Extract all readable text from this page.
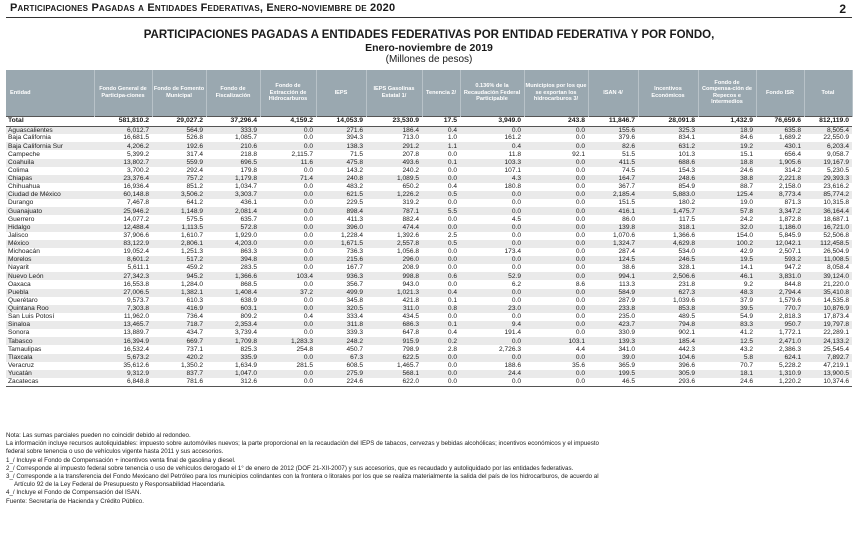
Participaciones Pagadas a Entidades Federativas, Enero-noviembre de 2020	2
PARTICIPACIONES PAGADAS A ENTIDADES FEDERATIVAS POR ENTIDAD FEDERATIVA Y POR FONDO,
Enero-noviembre de 2019
(Millones de pesos)
Entidad	Fondo General de Participa-ciones	Fondo de Fomento Municipal	Fondo de Fiscalización	Fondo de Extracción de Hidrocarburos	IEPS	IEPS Gasolinas Estatal 1/	Tenencia 2/	0.136% de la Recaudación Federal Participable	Municipios por los que se exportan los hidrocarburos 3/	ISAN 4/	Incentivos Económicos	Fondo de Compensa-ción de Repecos e Intermedios	Fondo ISR	Total
Total	581,810.2	29,027.2	37,296.4	4,159.2	14,053.9	23,530.9	17.5	3,949.0	243.8	11,846.7	28,091.8	1,432.9	76,659.6	812,119.0
Aguascalientes	6,012.7	564.9	333.9	0.0	271.6	186.4	0.4	0.0	0.0	155.6	325.3	18.9	635.8	8,505.4
Baja California	16,681.5	526.8	1,085.7	0.0	394.3	713.0	1.0	161.2	0.0	379.6	834.1	84.6	1,689.2	22,550.9
Baja California Sur	4,206.2	192.6	210.6	0.0	138.3	291.2	1.1	0.4	0.0	82.6	631.2	19.2	430.1	6,203.4
Campeche	5,399.2	317.4	218.8	2,115.7	71.5	207.8	0.0	11.8	92.1	51.5	101.3	15.1	656.4	9,058.7
Coahuila	13,802.7	559.9	696.5	11.6	475.8	493.6	0.1	103.3	0.0	411.5	688.6	18.8	1,905.6	19,167.9
Colima	3,700.2	292.4	179.8	0.0	143.2	240.2	0.0	107.1	0.0	74.5	154.3	24.6	314.2	5,230.5
Chiapas	23,376.4	757.2	1,179.8	71.4	240.8	1,089.5	0.0	4.3	0.0	164.7	248.6	38.8	2,221.8	29,393.3
Chihuahua	16,936.4	851.2	1,034.7	0.0	483.2	650.2	0.4	180.8	0.0	367.7	854.9	88.7	2,158.0	23,616.2
Ciudad de México	60,148.8	3,506.2	3,303.7	0.0	621.5	1,226.2	0.5	0.0	0.0	2,185.4	5,883.0	125.4	8,773.4	85,774.2
Durango	7,467.8	641.2	436.1	0.0	229.5	319.2	0.0	0.0	0.0	151.5	180.2	19.0	871.3	10,315.8
Guanajuato	25,946.2	1,148.9	2,081.4	0.0	898.4	787.1	5.5	0.0	0.0	416.1	1,475.7	57.8	3,347.2	36,164.4
Guerrero	14,077.2	575.5	635.7	0.0	411.3	882.4	0.0	4.5	0.0	86.0	117.5	24.2	1,872.8	18,687.1
Hidalgo	12,488.4	1,113.5	572.8	0.0	396.0	474.4	0.0	0.0	0.0	139.8	318.1	32.0	1,186.0	16,721.0
Jalisco	37,906.6	1,610.7	1,929.0	0.0	1,228.4	1,392.6	2.5	0.0	0.0	1,070.6	1,366.6	154.0	5,845.9	52,506.8
México	83,122.9	2,806.1	4,203.0	0.0	1,671.5	2,557.8	0.5	0.0	0.0	1,324.7	4,629.8	100.2	12,042.1	112,458.5
Michoacán	19,052.4	1,251.3	863.3	0.0	736.3	1,056.8	0.0	173.4	0.0	287.4	534.0	42.9	2,507.1	26,504.9
Morelos	8,601.2	517.2	394.8	0.0	215.6	296.0	0.0	0.0	0.0	124.5	246.5	19.5	593.2	11,008.5
Nayarit	5,611.1	459.2	283.5	0.0	167.7	208.9	0.0	0.0	0.0	38.6	328.1	14.1	947.2	8,058.4
Nuevo León	27,342.3	945.2	1,366.6	103.4	936.3	998.8	0.6	52.9	0.0	994.1	2,506.6	46.1	3,831.0	39,124.0
Oaxaca	16,553.8	1,284.0	868.5	0.0	356.7	943.0	0.0	6.2	8.6	113.3	231.8	9.2	844.8	21,220.0
Puebla	27,006.5	1,382.1	1,408.4	37.2	499.9	1,021.3	0.4	0.0	0.0	584.9	627.3	48.3	2,794.4	35,410.8
Querétaro	9,573.7	610.3	638.9	0.0	345.8	421.8	0.1	0.0	0.0	287.9	1,039.6	37.9	1,579.6	14,535.8
Quintana Roo	7,303.8	416.9	603.1	0.0	320.5	311.0	0.8	23.0	0.0	233.8	853.8	39.5	770.7	10,876.9
San Luis Potosí	11,962.0	736.4	809.2	0.4	333.4	434.5	0.0	0.0	0.0	235.0	489.5	54.9	2,818.3	17,873.4
Sinaloa	13,465.7	718.7	2,353.4	0.0	311.8	686.3	0.1	9.4	0.0	423.7	794.8	83.3	950.7	19,797.8
Sonora	13,889.7	434.7	3,739.4	0.0	339.3	647.8	0.4	191.4	0.0	330.9	902.1	41.2	1,772.1	22,289.1
Tabasco	16,394.9	669.7	1,709.8	1,283.3	248.2	915.9	0.2	0.0	103.1	139.3	185.4	12.5	2,471.0	24,133.2
Tamaulipas	16,532.4	737.1	825.3	254.8	450.7	798.9	2.8	2,726.3	4.4	341.0	442.3	43.2	2,386.3	25,545.4
Tlaxcala	5,673.2	420.2	335.9	0.0	67.3	622.5	0.0	0.0	0.0	39.0	104.6	5.8	624.1	7,892.7
Veracruz	35,612.6	1,350.2	1,634.9	281.5	608.5	1,465.7	0.0	188.6	35.6	365.9	396.6	70.7	5,228.2	47,219.1
Yucatán	9,312.9	837.7	1,047.0	0.0	275.9	568.1	0.0	24.4	0.0	199.5	305.9	18.1	1,310.9	13,900.5
Zacatecas	6,848.8	781.6	312.6	0.0	224.6	622.0	0.0	0.0	0.0	46.5	293.6	24.6	1,220.2	10,374.6
Nota: Las sumas parciales pueden no coincidir debido al redondeo.
La información incluye recursos autoliquidables: impuesto sobre automóviles nuevos; la parte proporcional en la recaudación del IEPS de tabacos, cervezas y bebidas alcohólicas; incentivos económicos y el impuesto
federal sobre tenencia o uso de vehículos vigente hasta 2011 y sus accesorios.
1_/ Incluye el Fondo de Compensación + incentivos venta final de gasolina y diesel.
2_/ Corresponde al impuesto federal sobre tenencia o uso de vehículos derogado el 1° de enero de 2012 (DOF 21-XII-2007) y sus accesorios, que es recaudado y autoliquidado por las entidades federativas.
3_/ Corresponde a la transferencia del Fondo Mexicano del Petróleo para los municipios colindantes con la frontera o litorales por los que se realiza materialmente la salida del país de los hidrocarburos, de acuerdo al
Artículo 92 de la Ley Federal de Presupuesto y Responsabilidad Hacendaria.
4_/ Incluye el Fondo de Compensación del ISAN.
Fuente: Secretaría de Hacienda y Crédito Público.
